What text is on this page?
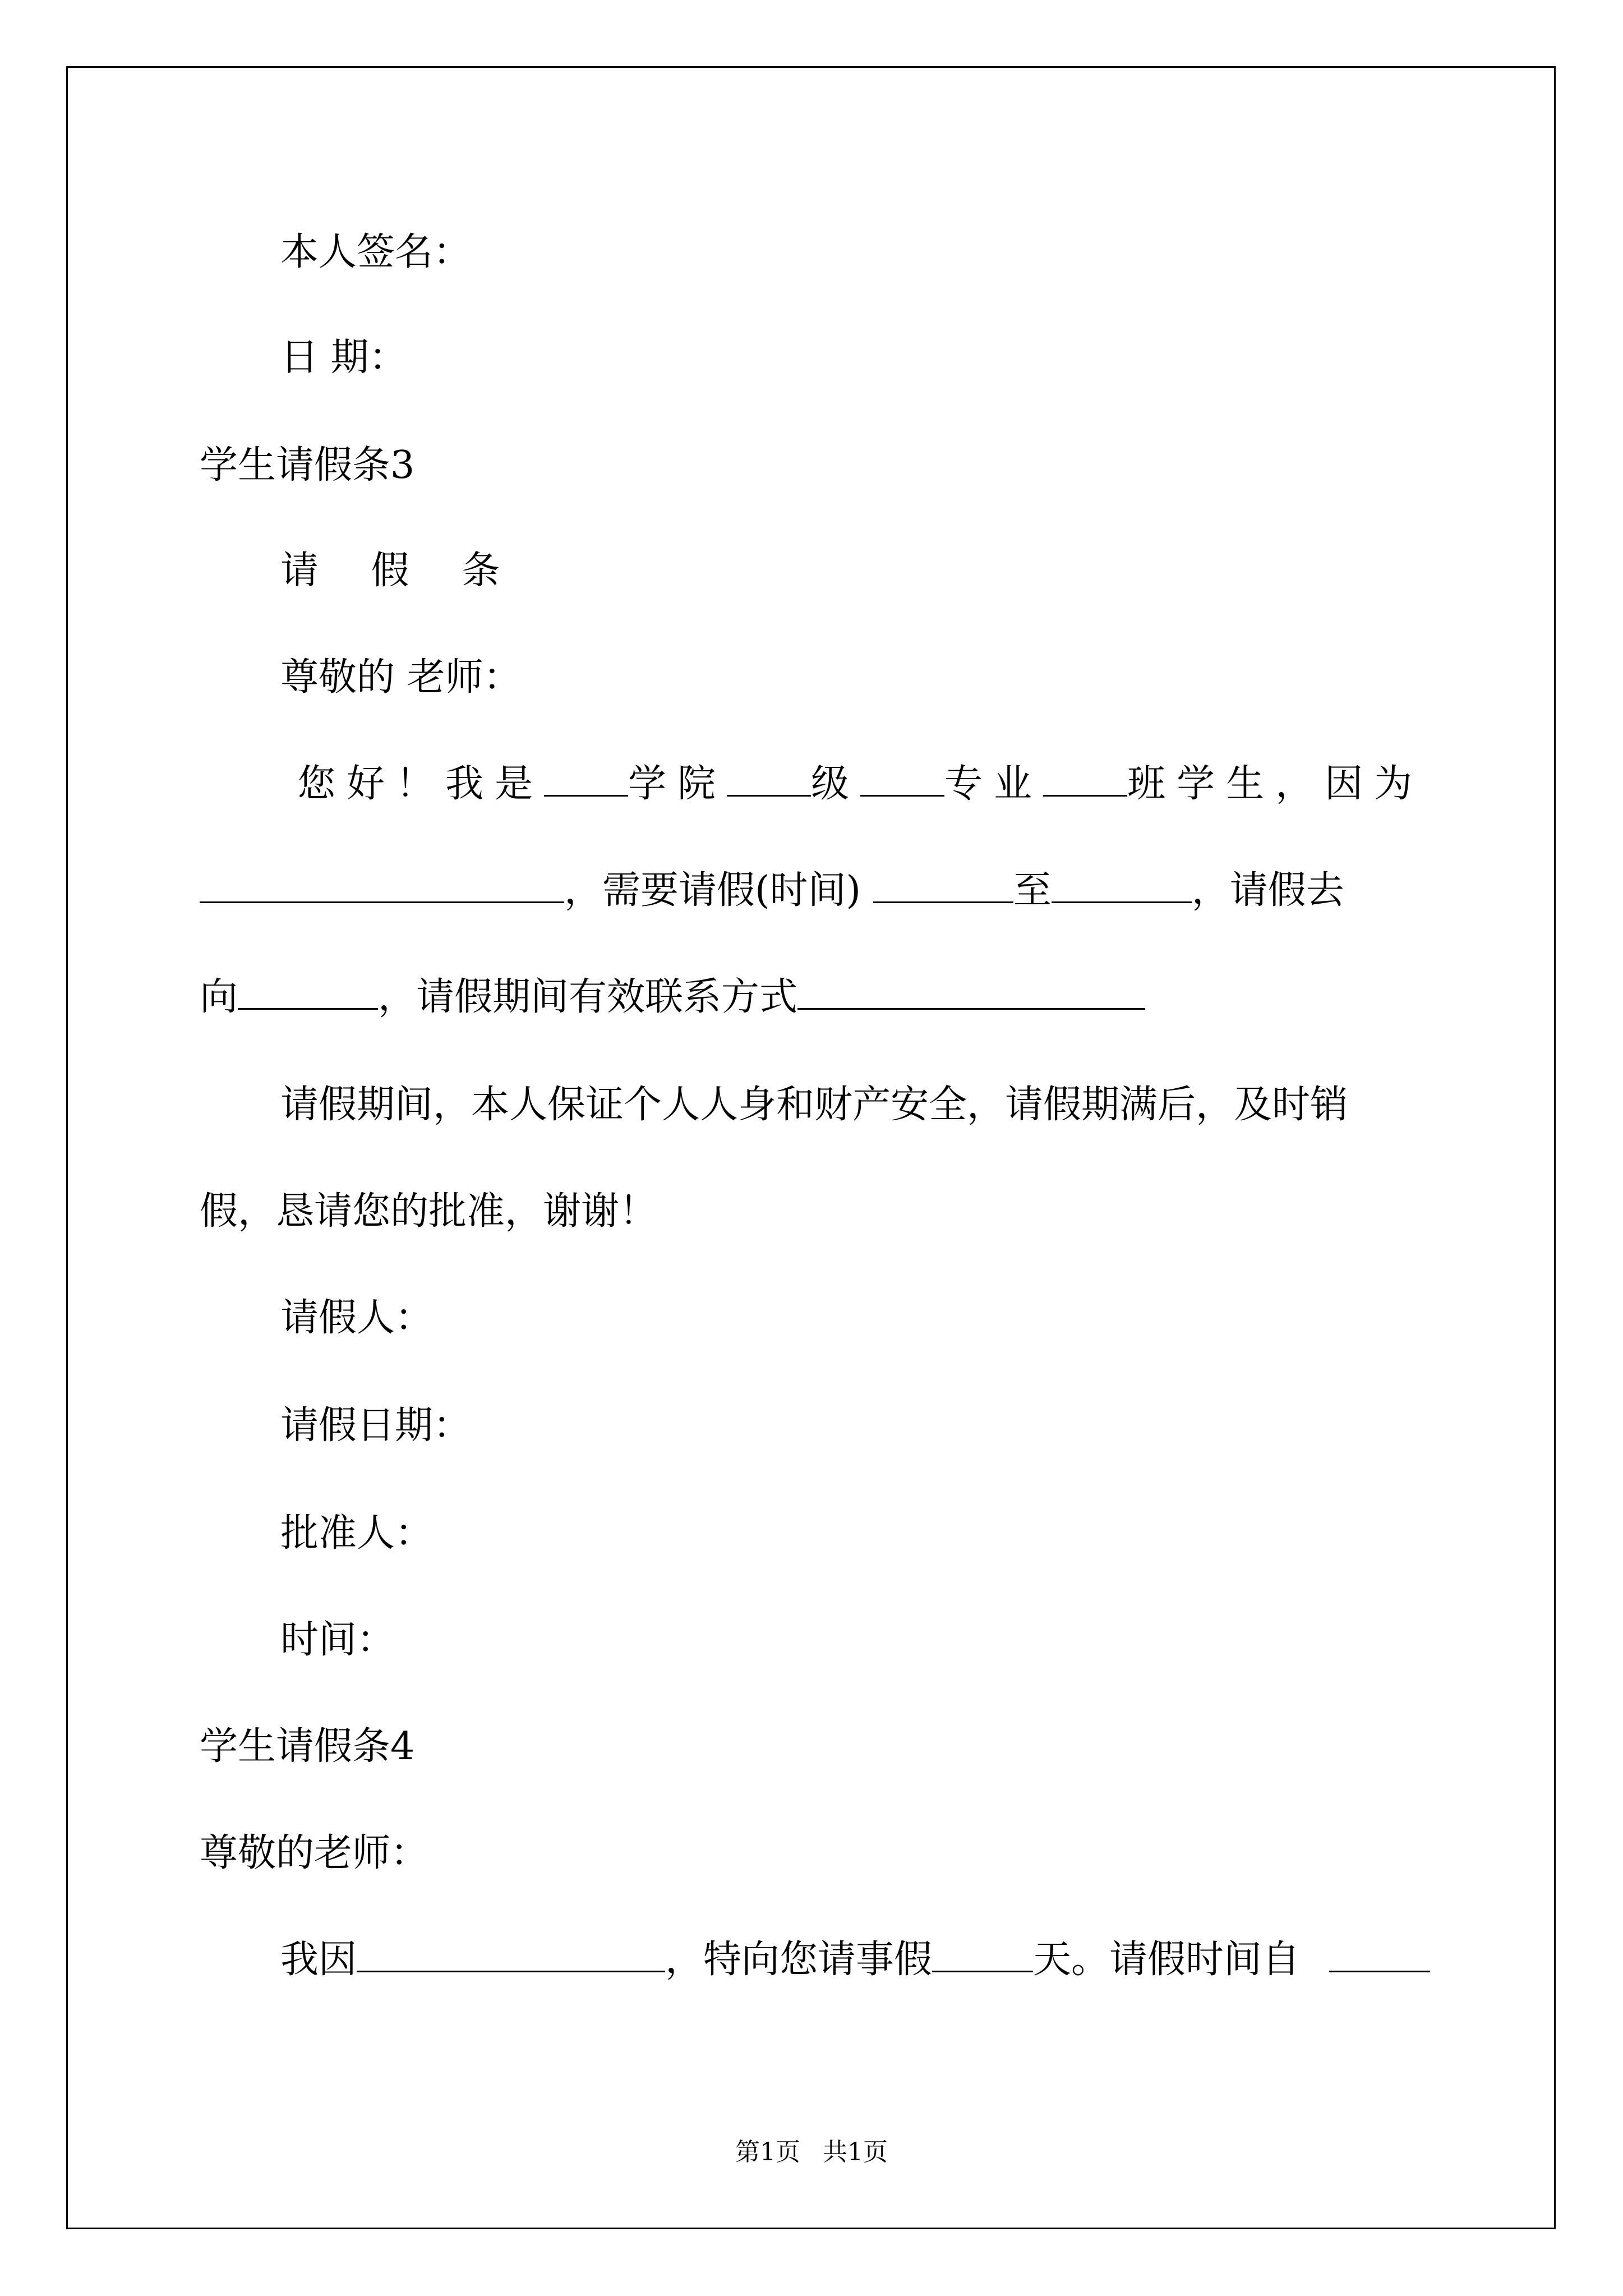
本人签名：
日 期：
学生请假条3
请 假 条
尊敬的 老师：
您好！我是 学院 级 专业 班学生，因为
，需要请假(时间)	至	，请假去
向	，请假期间有效联系方式
请假期间，本人保证个人人身和财产安全，请假期满后，及时销
假，恳请您的批准，谢谢！
请假人：
请假日期：
批准人：
时间：
学生请假条4
尊敬的老师：
我因	，特向您请事假	天。请假时间自
第1页 共1页
